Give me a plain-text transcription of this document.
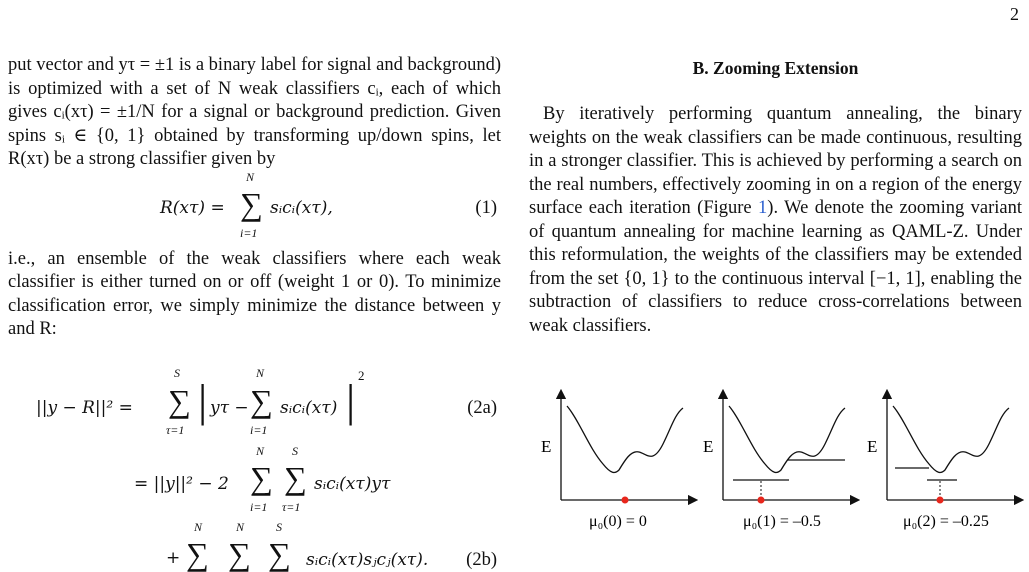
2

put vector and yτ = ±1 is a binary label for signal and background) is optimized with a set of N weak classifiers cᵢ, each of which gives cᵢ(xτ) = ±1/N for a signal or background prediction. Given spins sᵢ ∈ {0, 1} obtained by transforming up/down spins, let R(xτ) be a strong classifier given by

R(xτ) =
N
∑
i=1
sᵢcᵢ(xτ),	(1)

i.e., an ensemble of the weak classifiers where each weak classifier is either turned on or off (weight 1 or 0). To minimize classification error, we simply minimize the distance between y and R:

||y − R||² =
S
∑
τ=1
| yτ −
N
∑
i=1
sᵢcᵢ(xτ) | 2
(2a)
= ||y||² − 2
N
∑
i=1
S
∑
τ=1
sᵢcᵢ(xτ)yτ
+
N
∑
N
∑
S
∑ sᵢcᵢ(xτ)sⱼcⱼ(xτ). (2b)
B. Zooming Extension

By iteratively performing quantum annealing, the binary weights on the weak classifiers can be made continuous, resulting in a stronger classifier. This is achieved by performing a search on the real numbers, effectively zooming in on a region of the energy surface each iteration (Figure 1). We denote the zooming variant of quantum annealing for machine learning as QAML-Z. Under this reformulation, the weights of the classifiers may be extended from the set {0, 1} to the continuous interval [−1, 1], enabling the subtraction of classifiers to reduce cross-correlations between weak classifiers.

E
μ₀(0) = 0
E
μ₀(1) = –0.5
E
μ₀(2) = –0.25
